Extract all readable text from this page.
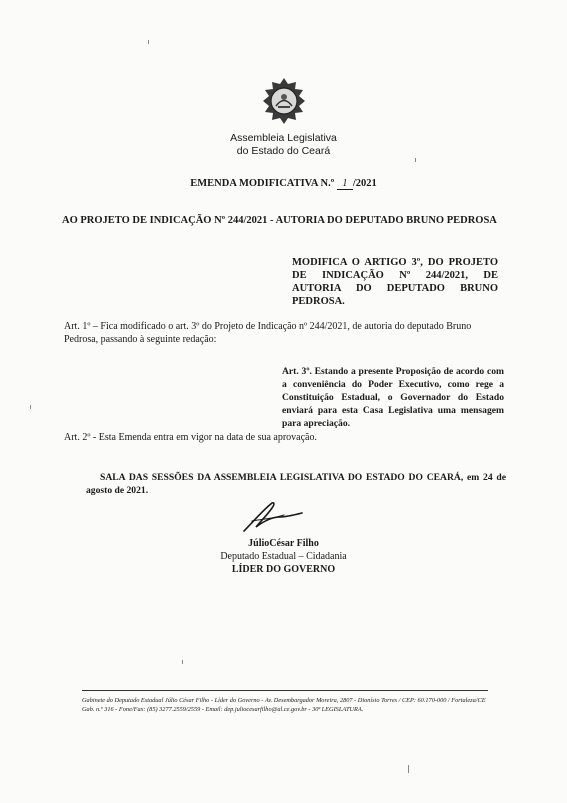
Assembleia Legislativa
do Estado do Ceará
EMENDA MODIFICATIVA N.º 1 /2021
AO PROJETO DE INDICAÇÃO Nº 244/2021 - AUTORIA DO DEPUTADO BRUNO PEDROSA
MODIFICA O ARTIGO 3º, DO PROJETO DE INDICAÇÃO Nº 244/2021, DE AUTORIA DO DEPUTADO BRUNO PEDROSA.
Art. 1º – Fica modificado o art. 3º do Projeto de Indicação nº 244/2021, de autoria do deputado Bruno Pedrosa, passando à seguinte redação:
Art. 3º. Estando a presente Proposição de acordo com a conveniência do Poder Executivo, como rege a Constituição Estadual, o Governador do Estado enviará para esta Casa Legislativa uma mensagem para apreciação.
Art. 2º - Esta Emenda entra em vigor na data de sua aprovação.
SALA DAS SESSÕES DA ASSEMBLEIA LEGISLATIVA DO ESTADO DO CEARÁ, em 24 de agosto de 2021.
JúlioCésar Filho
Deputado Estadual – Cidadania
LÍDER DO GOVERNO
Gabinete do Deputado Estadual Júlio César Filho - Líder do Governo - Av. Desembargador Moreira, 2807 - Dionísio Torres / CEP: 60.170-000 / Fortaleza/CE Gab. n.º 316 - Fone/Fax: (85) 3277.2559/2559 - Email: dep.juliocesarfilho@al.ce.gov.br - 30ª LEGISLATURA.
